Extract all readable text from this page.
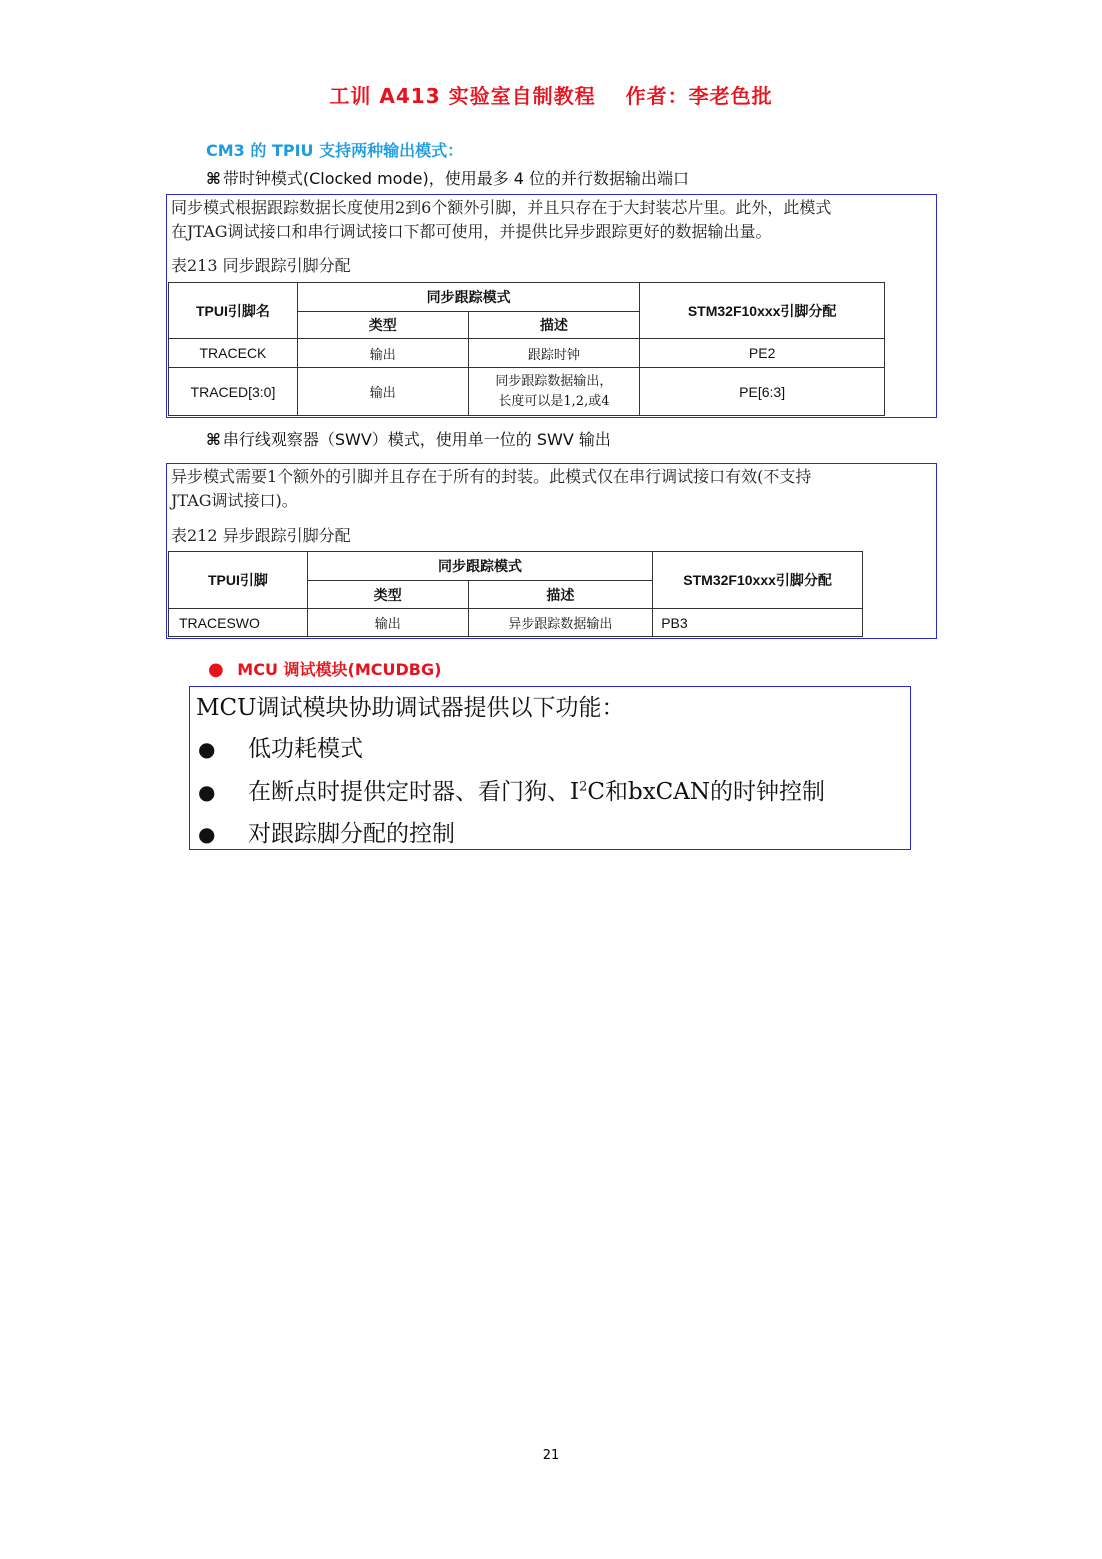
工训 A413 实验室自制教程 作者：李老色批
CM3 的 TPIU 支持两种输出模式：
⌘ 带时钟模式(Clocked mode)，使用最多 4 位的并行数据输出端口

同步模式根据跟踪数据长度使用2到6个额外引脚，并且只存在于大封装芯片里。此外，此模式

在JTAG调试接口和串行调试接口下都可使用，并提供比异步跟踪更好的数据输出量。

表213 同步跟踪引脚分配
TPUI引脚名	同步跟踪模式		STM32F10xxx引脚分配
	类型	描述	
TRACECK	输出	跟踪时钟	PE2
TRACED[3:0]	输出	同步跟踪数据输出，
长度可以是1,2,或4	PE[6:3]
⌘ 串行线观察器（SWV）模式，使用单一位的 SWV 输出

异步模式需要1个额外的引脚并且存在于所有的封装。此模式仅在串行调试接口有效(不支持

JTAG调试接口)。

表212 异步跟踪引脚分配
TPUI引脚	同步跟踪模式		STM32F10xxx引脚分配
	类型	描述	
TRACESWO	输出	异步跟踪数据输出	PB3
● MCU 调试模块(MCUDBG)
MCU调试模块协助调试器提供以下功能：
● 低功耗模式
● 在断点时提供定时器、看门狗、$I^2C$和bxCAN的时钟控制
● 对跟踪脚分配的控制
21
